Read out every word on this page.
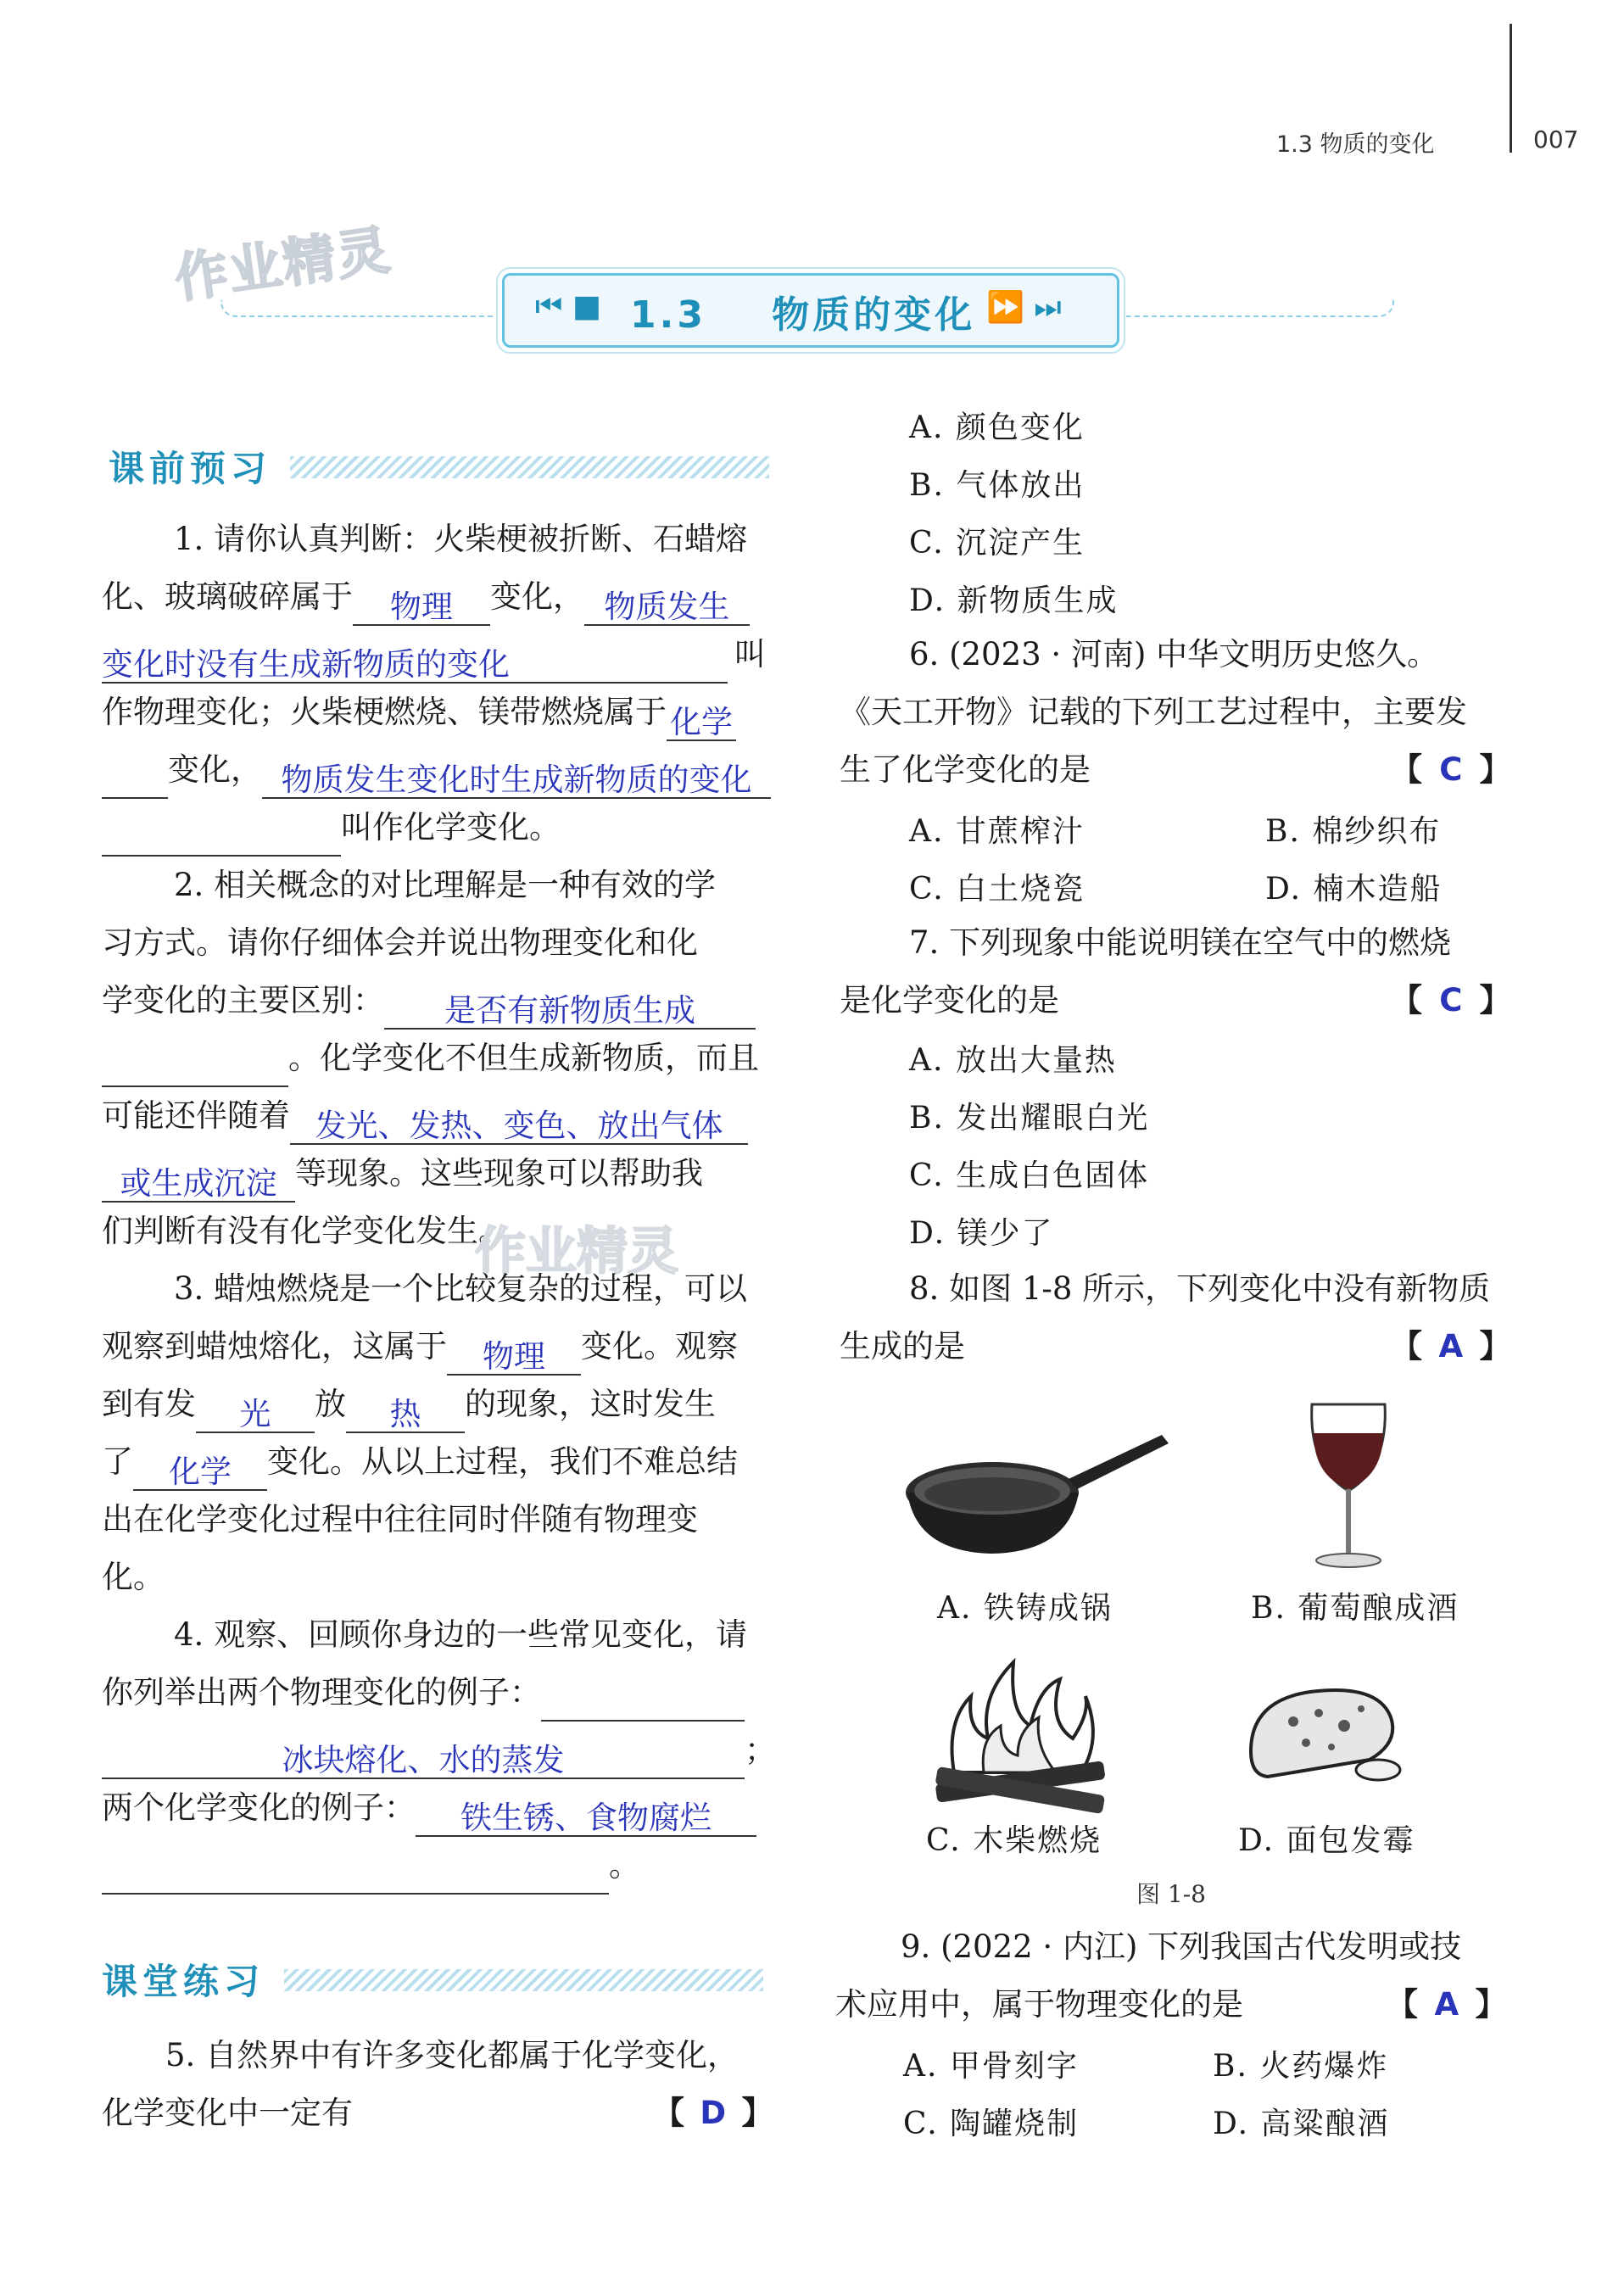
1.3 物质的变化	007
作业精灵	⏮ ■ 1.3    物质的变化 ⏩ ⏭
课前预习
1. 请你认真判断：火柴梗被折断、石蜡熔
化、玻璃破碎属于 物理 变化， 物质发生
变化时没有生成新物质的变化	叫
作物理变化；火柴梗燃烧、镁带燃烧属于 化学
变化， 物质发生变化时生成新物质的变化
叫作化学变化。
2. 相关概念的对比理解是一种有效的学
习方式。请你仔细体会并说出物理变化和化
学变化的主要区别： 是否有新物质生成
。化学变化不但生成新物质，而且
可能还伴随着 发光、发热、变色、放出气体
或生成沉淀 等现象。这些现象可以帮助我
们判断有没有化学变化发生。
作业精灵
3. 蜡烛燃烧是一个比较复杂的过程，可以
观察到蜡烛熔化，这属于 物理 变化。观察
到有发 光 放 热 的现象，这时发生
了 化学 变化。从以上过程，我们不难总结
出在化学变化过程中往往同时伴随有物理变
化。
4. 观察、回顾你身边的一些常见变化，请
你列举出两个物理变化的例子：
冰块熔化、水的蒸发	；
两个化学变化的例子： 铁生锈、食物腐烂
。
课堂练习
5. 自然界中有许多变化都属于化学变化，
化学变化中一定有	【 D 】
A. 颜色变化
B. 气体放出
C. 沉淀产生
D. 新物质生成
6. (2023 · 河南) 中华文明历史悠久。
《天工开物》记载的下列工艺过程中，主要发
生了化学变化的是	【 C 】
A. 甘蔗榨汁	B. 棉纱织布
C. 白土烧瓷	D. 楠木造船
7. 下列现象中能说明镁在空气中的燃烧
是化学变化的是	【 C 】
A. 放出大量热
B. 发出耀眼白光
C. 生成白色固体
D. 镁少了
8. 如图 1-8 所示，下列变化中没有新物质
生成的是	【 A 】
A. 铁铸成锅	B. 葡萄酿成酒
C. 木柴燃烧	D. 面包发霉
图 1-8
9. (2022 · 内江) 下列我国古代发明或技
术应用中，属于物理变化的是	【 A 】
A. 甲骨刻字	B. 火药爆炸
C. 陶罐烧制	D. 高粱酿酒
